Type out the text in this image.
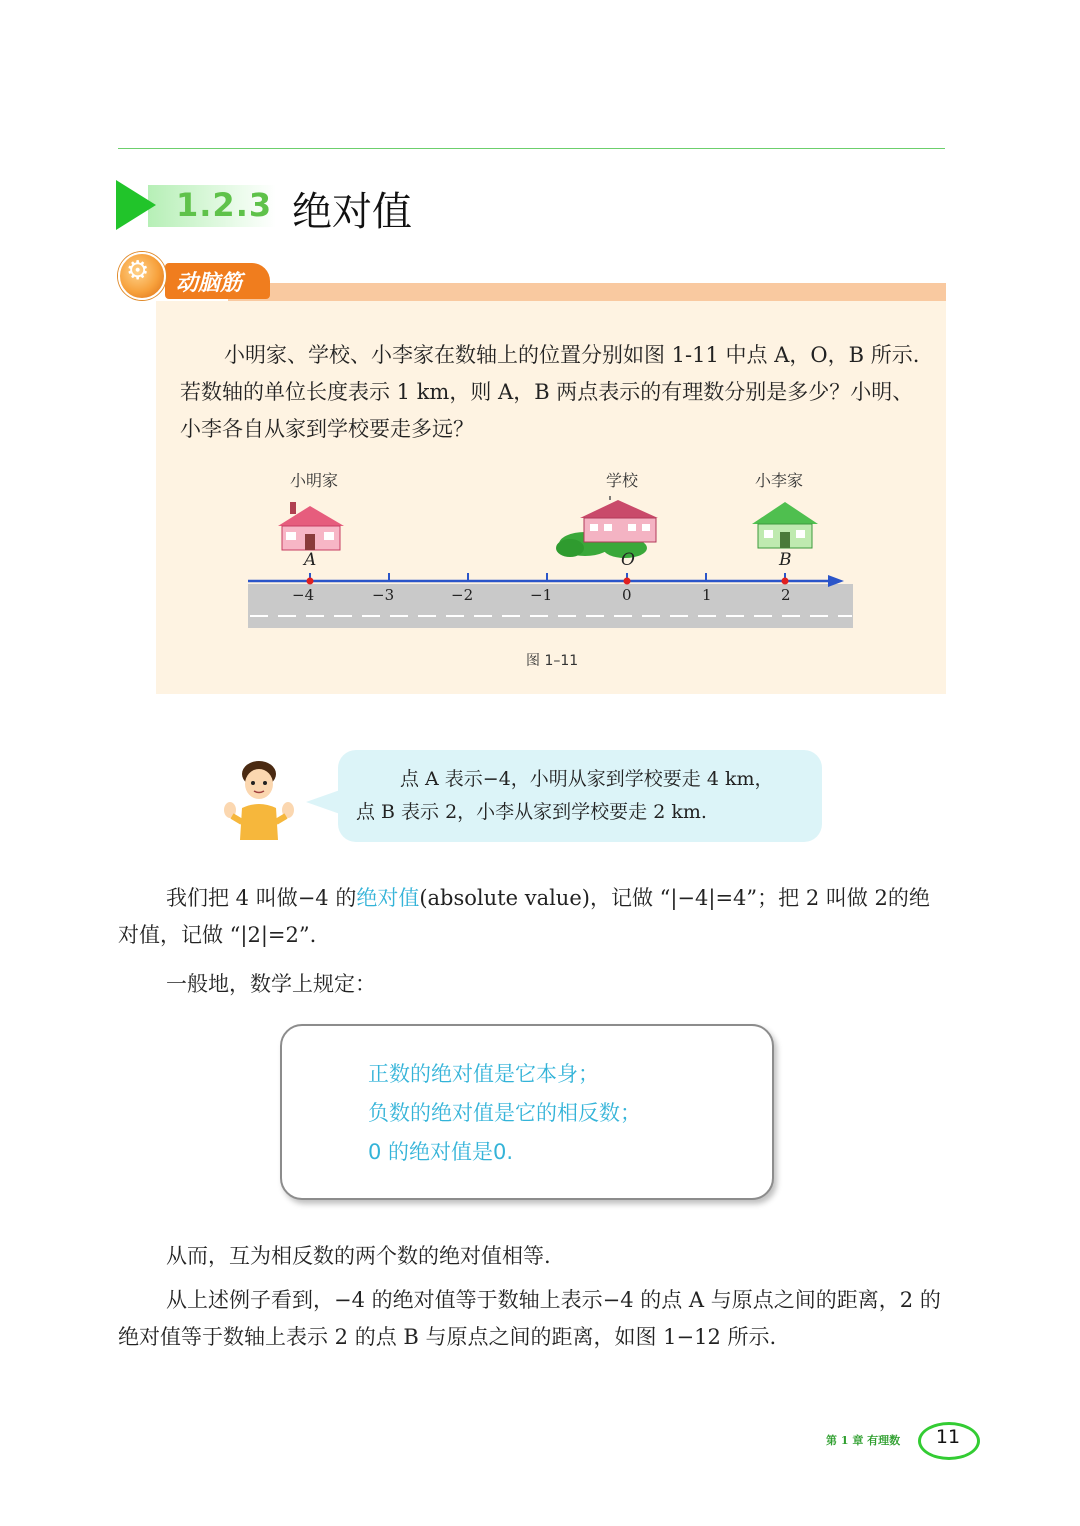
1.2.3 绝对值
⚙ 动脑筋
小明家、学校、小李家在数轴上的位置分别如图 1-11 中点 A，O，B 所示. 若数轴的单位长度表示 1 km，则 A，B 两点表示的有理数分别是多少？小明、小李各自从家到学校要走多远？
小明家	学校	小李家
A	O	B
−4	−3	−2	−1	0	1	2
图 1–11
点 A 表示−4，小明从家到学校要走 4 km，
点 B 表示 2，小李从家到学校要走 2 km.
我们把 4 叫做−4 的绝对值(absolute value)，记做 “|−4|=4”；把 2 叫做 2的绝对值，记做 “|2|=2”.
一般地，数学上规定：
正数的绝对值是它本身；
负数的绝对值是它的相反数；
0 的绝对值是0.
从而，互为相反数的两个数的绝对值相等.
从上述例子看到，−4 的绝对值等于数轴上表示−4 的点 A 与原点之间的距离，2 的绝对值等于数轴上表示 2 的点 B 与原点之间的距离，如图 1−12 所示.
第 1 章 有理数	11
